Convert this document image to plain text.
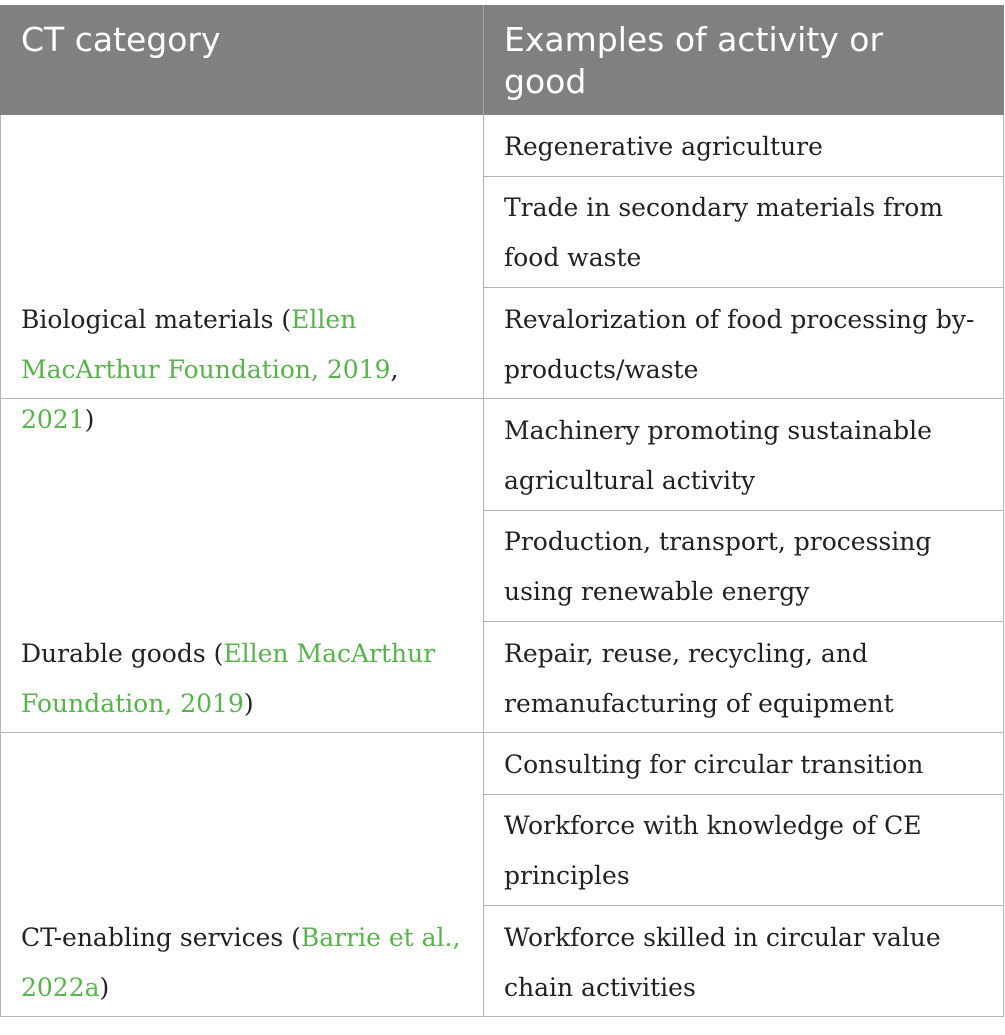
CT category	Examples of activity or good
Biological materials (Ellen MacArthur Foundation, 2019, 2021)
Regenerative agriculture
Trade in secondary materials from food waste
Revalorization of food processing by-products/waste
Durable goods (Ellen MacArthur Foundation, 2019)
Machinery promoting sustainable agricultural activity
Production, transport, processing using renewable energy
Repair, reuse, recycling, and remanufacturing of equipment
CT-enabling services (Barrie et al., 2022a)
Consulting for circular transition
Workforce with knowledge of CE principles
Workforce skilled in circular value chain activities
